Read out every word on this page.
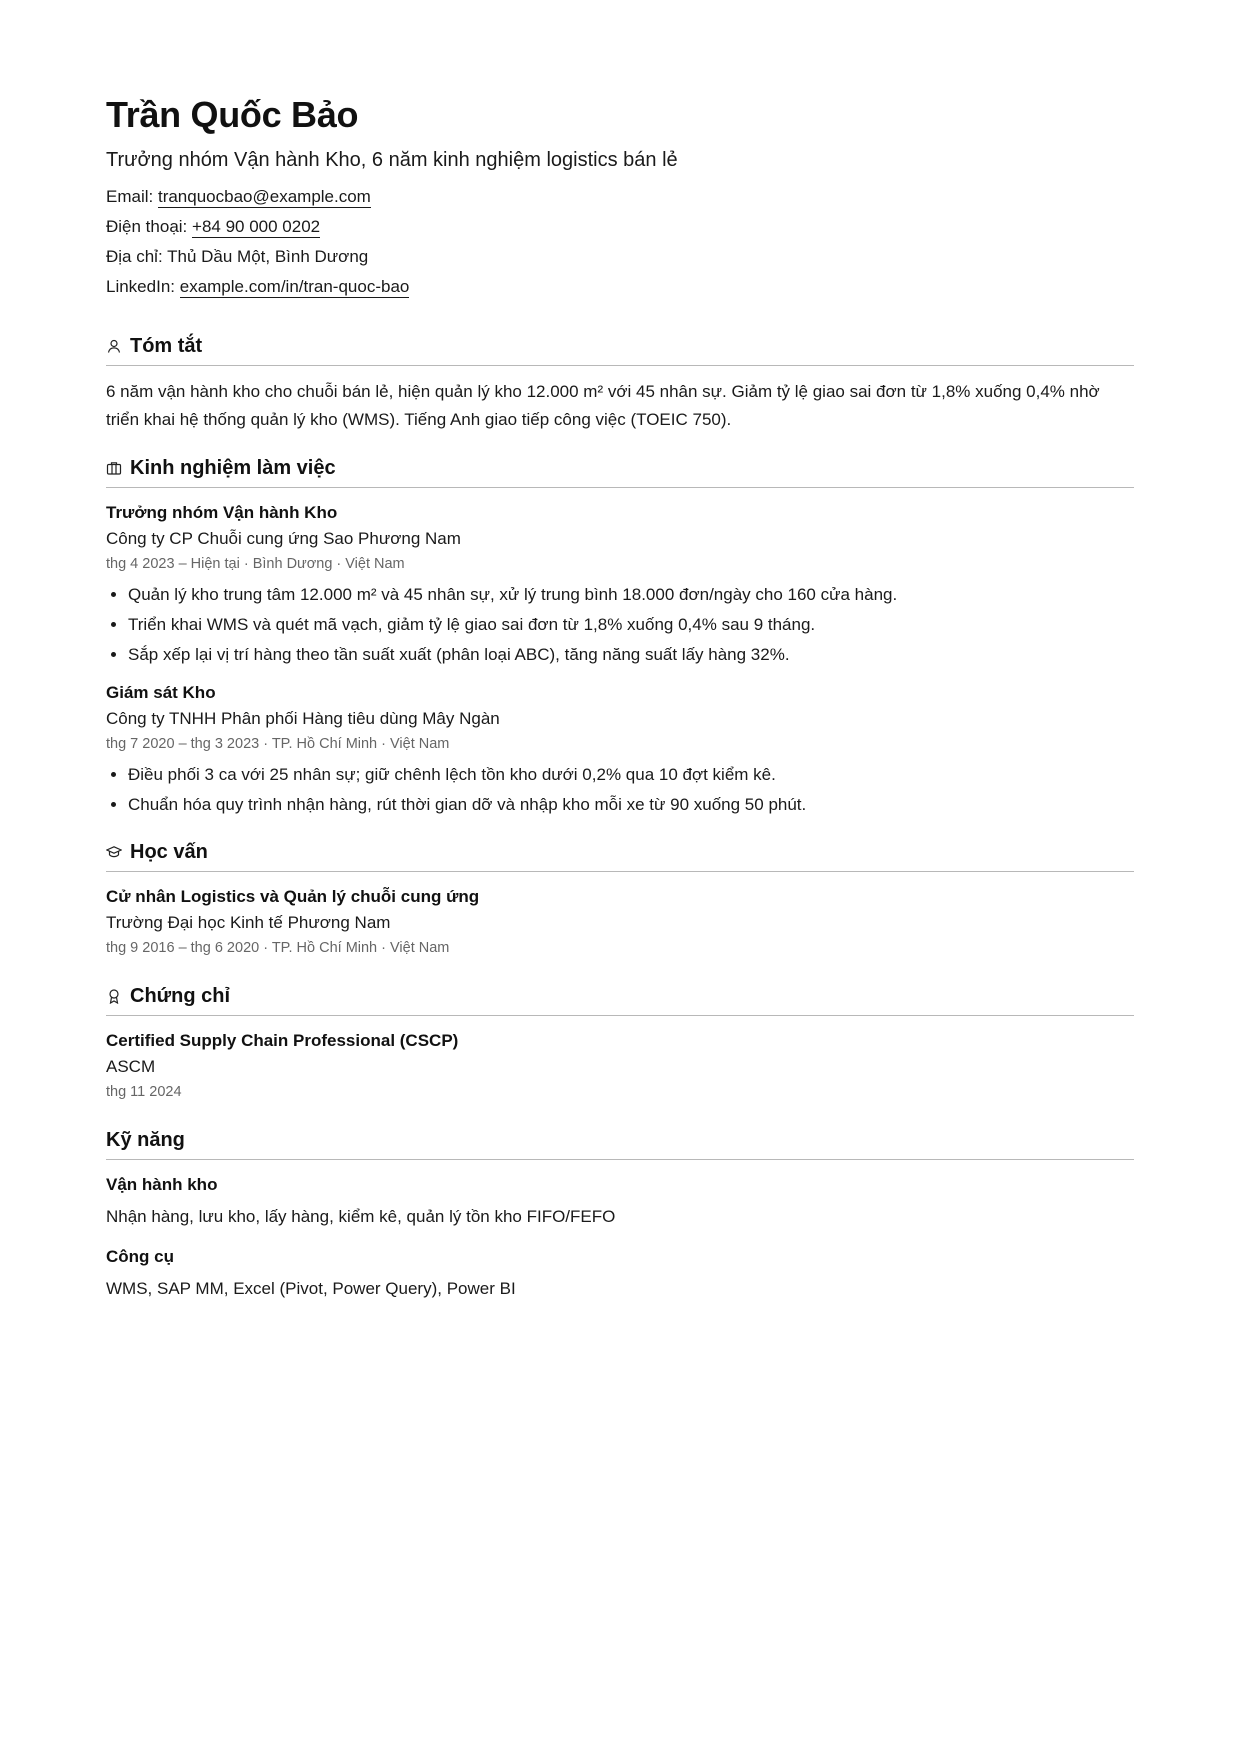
Trần Quốc Bảo
Trưởng nhóm Vận hành Kho, 6 năm kinh nghiệm logistics bán lẻ
Email: tranquocbao@example.com
Điện thoại: +84 90 000 0202
Địa chỉ: Thủ Dầu Một, Bình Dương
LinkedIn: example.com/in/tran-quoc-bao
Tóm tắt

6 năm vận hành kho cho chuỗi bán lẻ, hiện quản lý kho 12.000 m² với 45 nhân sự. Giảm tỷ lệ giao sai đơn từ 1,8% xuống 0,4% nhờ triển khai hệ thống quản lý kho (WMS). Tiếng Anh giao tiếp công việc (TOEIC 750).

Kinh nghiệm làm việc
Trưởng nhóm Vận hành Kho
Công ty CP Chuỗi cung ứng Sao Phương Nam
thg 4 2023 – Hiện tại · Bình Dương · Việt Nam
• Quản lý kho trung tâm 12.000 m² và 45 nhân sự, xử lý trung bình 18.000 đơn/ngày cho 160 cửa hàng.
• Triển khai WMS và quét mã vạch, giảm tỷ lệ giao sai đơn từ 1,8% xuống 0,4% sau 9 tháng.
• Sắp xếp lại vị trí hàng theo tần suất xuất (phân loại ABC), tăng năng suất lấy hàng 32%.
Giám sát Kho
Công ty TNHH Phân phối Hàng tiêu dùng Mây Ngàn
thg 7 2020 – thg 3 2023 · TP. Hồ Chí Minh · Việt Nam
• Điều phối 3 ca với 25 nhân sự; giữ chênh lệch tồn kho dưới 0,2% qua 10 đợt kiểm kê.
• Chuẩn hóa quy trình nhận hàng, rút thời gian dỡ và nhập kho mỗi xe từ 90 xuống 50 phút.
Học vấn
Cử nhân Logistics và Quản lý chuỗi cung ứng
Trường Đại học Kinh tế Phương Nam
thg 9 2016 – thg 6 2020 · TP. Hồ Chí Minh · Việt Nam
Chứng chỉ
Certified Supply Chain Professional (CSCP)
ASCM
thg 11 2024
Kỹ năng
Vận hành kho
Nhận hàng, lưu kho, lấy hàng, kiểm kê, quản lý tồn kho FIFO/FEFO
Công cụ
WMS, SAP MM, Excel (Pivot, Power Query), Power BI
